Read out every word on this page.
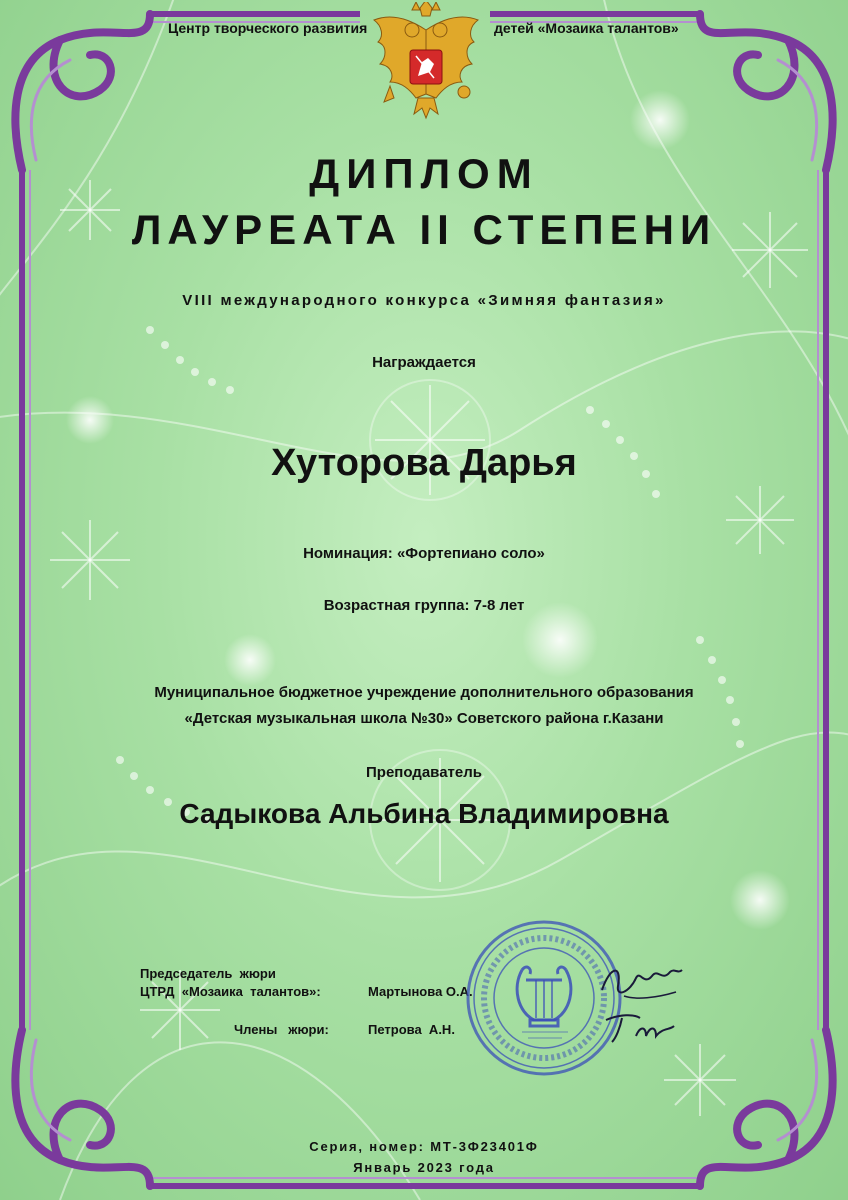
Центр творческого развития	детей «Мозаика талантов»
ДИПЛОМ
ЛАУРЕАТА II СТЕПЕНИ
VIII международного конкурса «Зимняя фантазия»
Награждается
Хуторова Дарья
Номинация: «Фортепиано соло»
Возрастная группа: 7-8 лет
Муниципальное бюджетное учреждение дополнительного образования
«Детская музыкальная школа №30» Советского района г.Казани
Преподаватель
Садыкова Альбина Владимировна
Председатель  жюри
ЦТРД  «Мозаика  талантов»:	Мартынова О.А.
Члены   жюри:	Петрова  А.Н.
Серия, номер: МТ-3Ф23401Ф
Январь 2023 года
